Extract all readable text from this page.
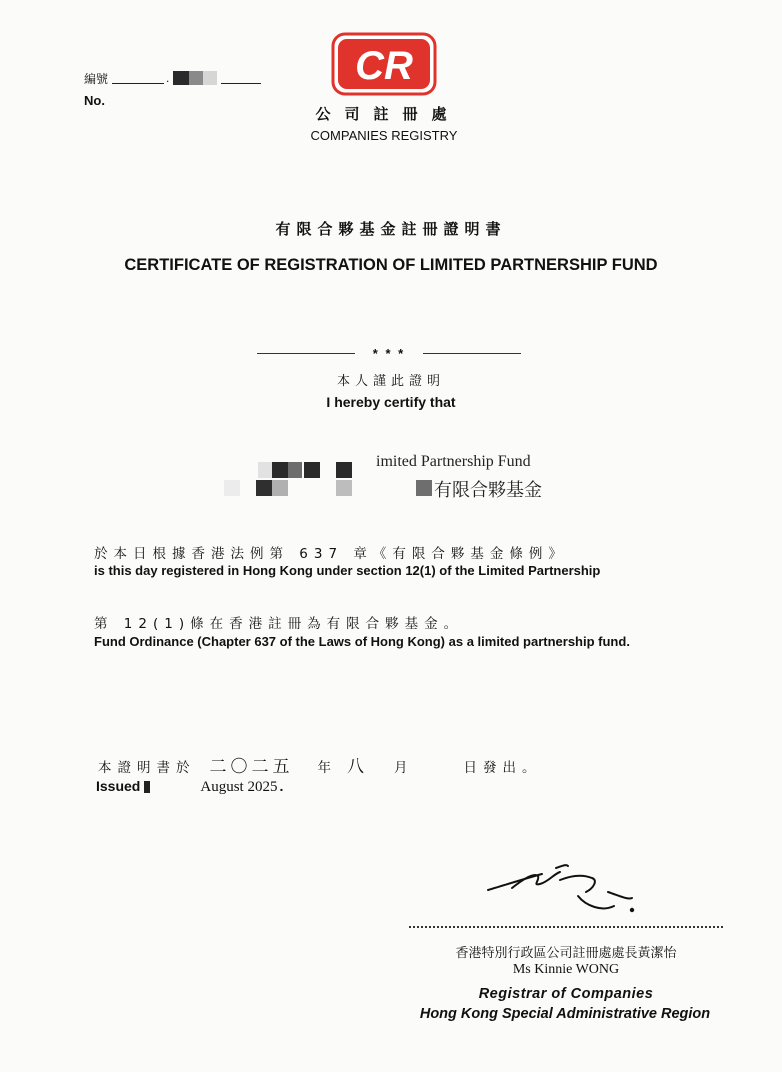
編號	.
No.
CR
公司註冊處
COMPANIES REGISTRY
有限合夥基金註冊證明書
CERTIFICATE OF REGISTRATION OF LIMITED PARTNERSHIP FUND
* * *
本人謹此證明
I hereby certify that
imited Partnership Fund
有限合夥基金
於本日根據香港法例第 637 章《有限合夥基金條例》
is this day registered in Hong Kong under section 12(1) of the Limited Partnership
第 12(1)條在香港註冊為有限合夥基金。
Fund Ordinance (Chapter 637 of the Laws of Hong Kong) as a limited partnership fund.
本證明書於 二〇二五 年 八 月	日發出。
Issued	August 2025 .
香港特別行政區公司註冊處處長黃潔怡
Ms Kinnie WONG
Registrar of Companies
Hong Kong Special Administrative Region
